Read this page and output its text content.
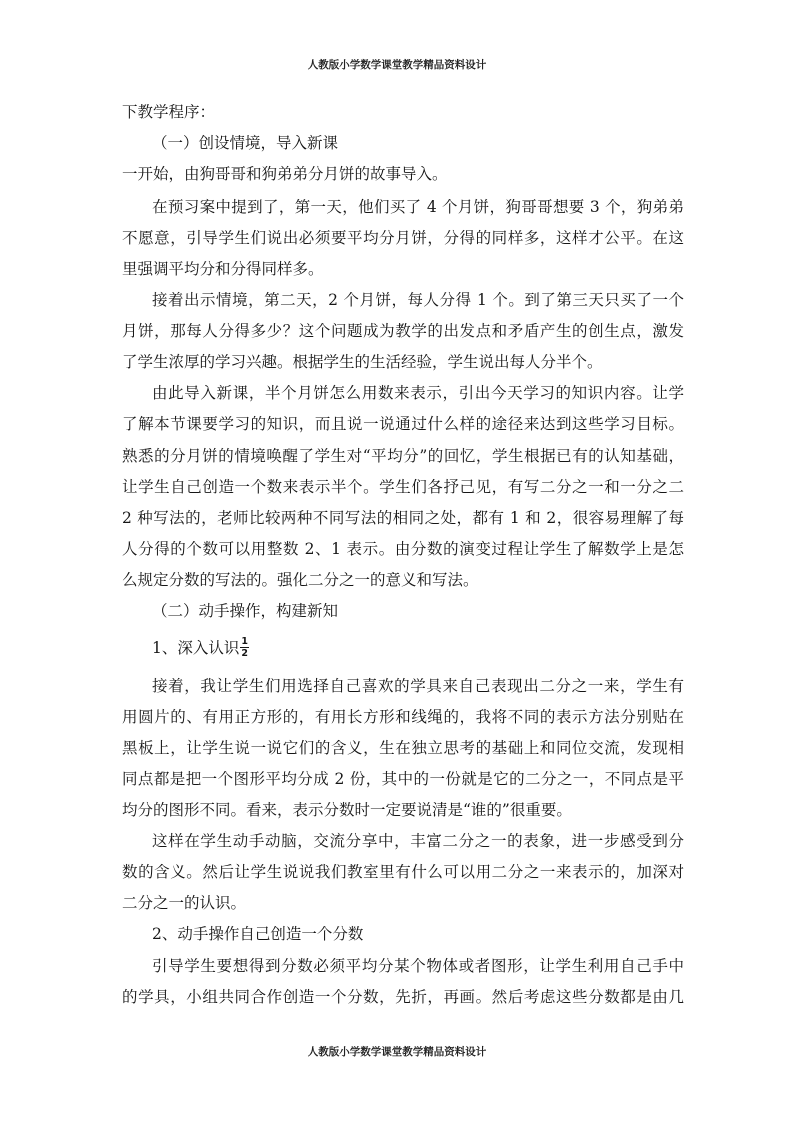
人教版小学数学课堂教学精品资料设计
下教学程序：
（一）创设情境，导入新课
一开始，由狗哥哥和狗弟弟分月饼的故事导入。
在预习案中提到了，第一天，他们买了 4 个月饼，狗哥哥想要 3 个，狗弟弟
不愿意，引导学生们说出必须要平均分月饼，分得的同样多，这样才公平。在这
里强调平均分和分得同样多。
接着出示情境，第二天，2 个月饼，每人分得 1 个。到了第三天只买了一个
月饼，那每人分得多少？这个问题成为教学的出发点和矛盾产生的创生点，激发
了学生浓厚的学习兴趣。根据学生的生活经验，学生说出每人分半个。
由此导入新课，半个月饼怎么用数来表示，引出今天学习的知识内容。让学
了解本节课要学习的知识，而且说一说通过什么样的途径来达到这些学习目标。
熟悉的分月饼的情境唤醒了学生对“平均分”的回忆，学生根据已有的认知基础，
让学生自己创造一个数来表示半个。学生们各抒己见，有写二分之一和一分之二
2 种写法的，老师比较两种不同写法的相同之处，都有 1 和 2，很容易理解了每
人分得的个数可以用整数 2、1 表示。由分数的演变过程让学生了解数学上是怎
么规定分数的写法的。强化二分之一的意义和写法。
（二）动手操作，构建新知
1、深入认识 $\frac{1}{2}$
接着，我让学生们用选择自己喜欢的学具来自己表现出二分之一来，学生有
用圆片的、有用正方形的，有用长方形和线绳的，我将不同的表示方法分别贴在
黑板上，让学生说一说它们的含义，生在独立思考的基础上和同位交流，发现相
同点都是把一个图形平均分成 2 份，其中的一份就是它的二分之一，不同点是平
均分的图形不同。看来，表示分数时一定要说清是“谁的”很重要。
这样在学生动手动脑，交流分享中，丰富二分之一的表象，进一步感受到分
数的含义。然后让学生说说我们教室里有什么可以用二分之一来表示的，加深对
二分之一的认识。
2、动手操作自己创造一个分数
引导学生要想得到分数必须平均分某个物体或者图形，让学生利用自己手中
的学具，小组共同合作创造一个分数，先折，再画。然后考虑这些分数都是由几
人教版小学数学课堂教学精品资料设计
